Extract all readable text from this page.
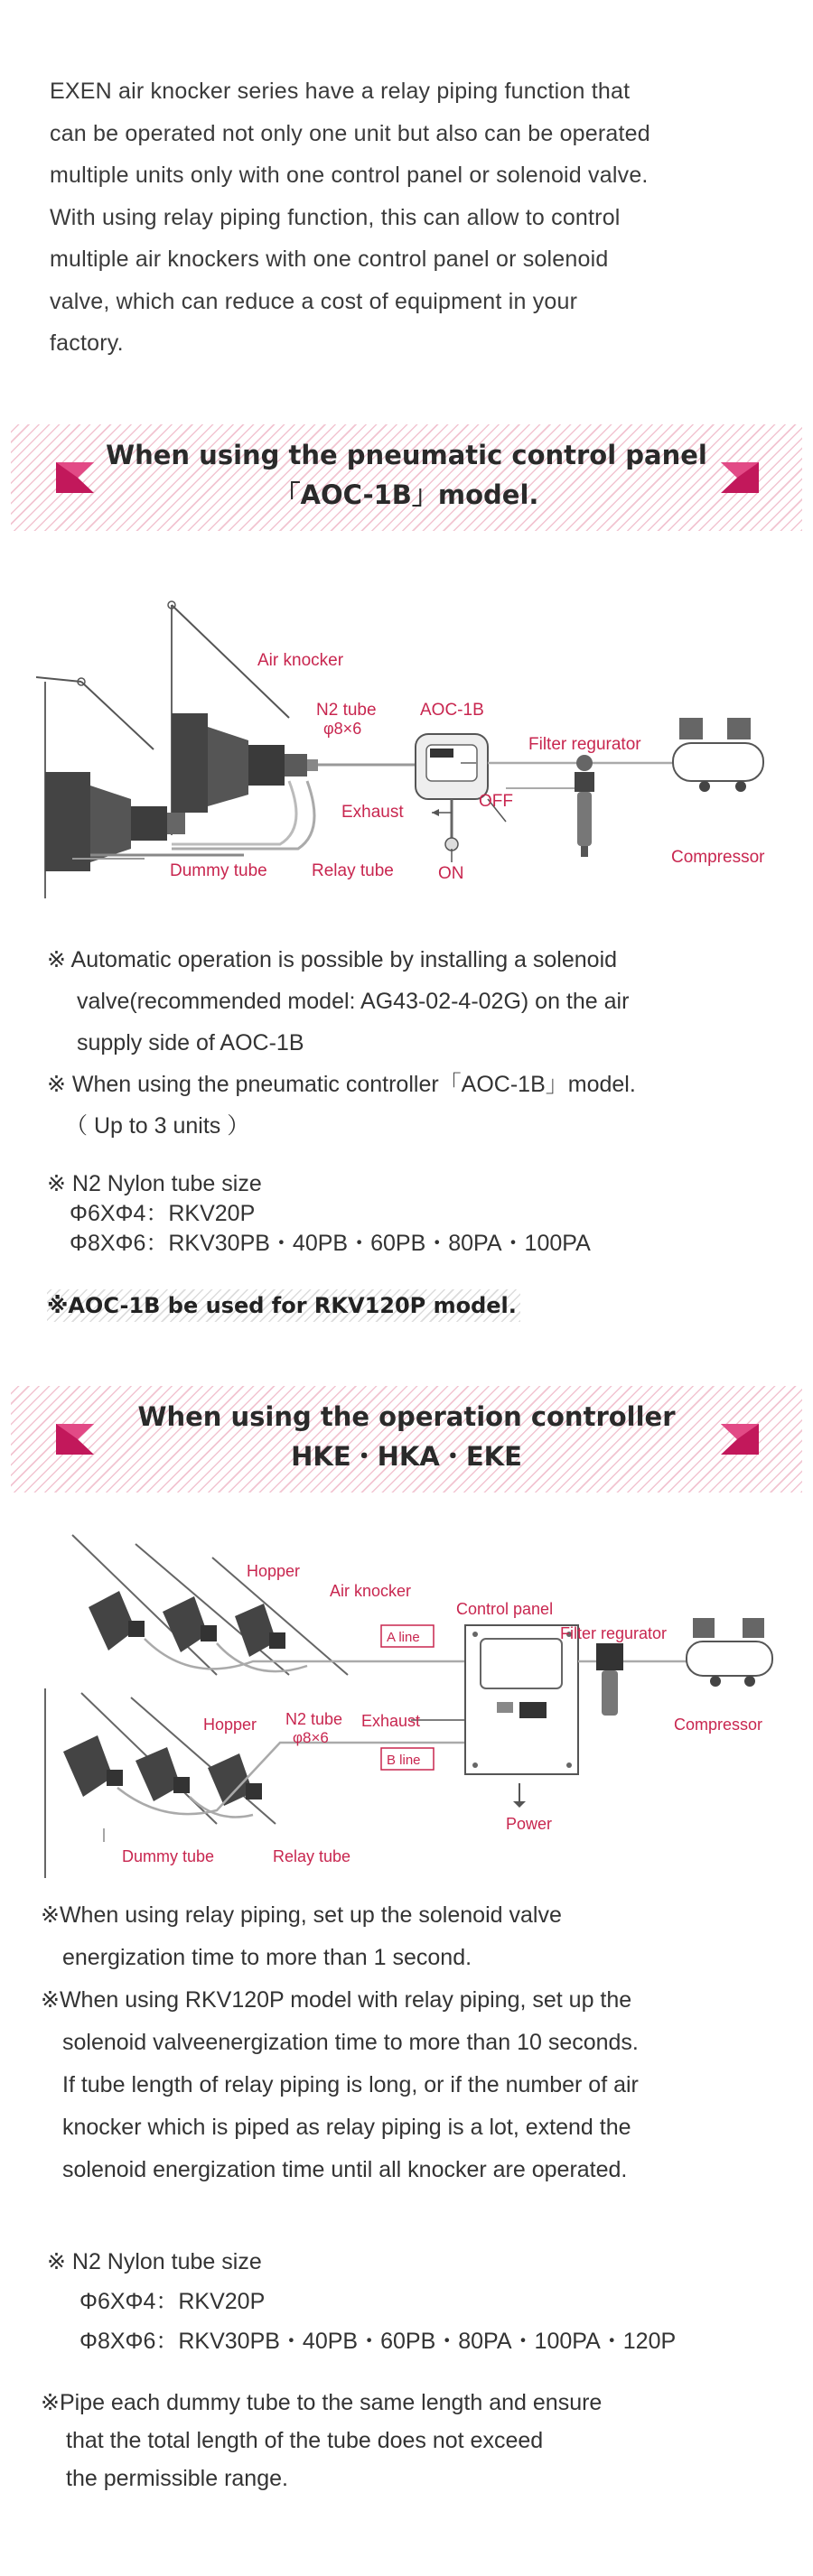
EXEN air knocker series have a relay piping function that

can be operated not only one unit but also can be operated

multiple units only with one control panel or solenoid valve.

With using relay piping function, this can allow to control

multiple air knockers with one control panel or solenoid

valve, which can reduce a cost of equipment in your

factory.

When using the pneumatic control panel
「AOC-1B」model.
Air knocker
N2 tube
φ8×6
AOC-1B
Filter regurator
Exhaust
OFF
ON
Compressor
Dummy tube	Relay tube

※ Automatic operation is possible by installing a solenoid

valve(recommended model: AG43-02-4-02G) on the air

supply side of AOC-1B

※ When using the pneumatic controller「AOC-1B」model.

（ Up to 3 units ）

※ N2 Nylon tube size

Φ6XΦ4：RKV20P

Φ8XΦ6：RKV30PB・40PB・60PB・80PA・100PA

※AOC-1B be used for RKV120P model.
When using the operation controller
HKE・HKA・EKE
Hopper
Air knocker
Control panel
Filter regurator
A line
Hopper N2 tube
φ8×6
Exhaust	Compressor
B line
Power
Dummy tube	Relay tube

※When using relay piping, set up the solenoid valve

energization time to more than 1 second.

※When using RKV120P model with relay piping, set up the

solenoid valveenergization time to more than 10 seconds.

If tube length of relay piping is long, or if the number of air

knocker which is piped as relay piping is a lot, extend the

solenoid energization time until all knocker are operated.

※ N2 Nylon tube size

Φ6XΦ4：RKV20P

Φ8XΦ6：RKV30PB・40PB・60PB・80PA・100PA・120P

※Pipe each dummy tube to the same length and ensure

that the total length of the tube does not exceed

the permissible range.
